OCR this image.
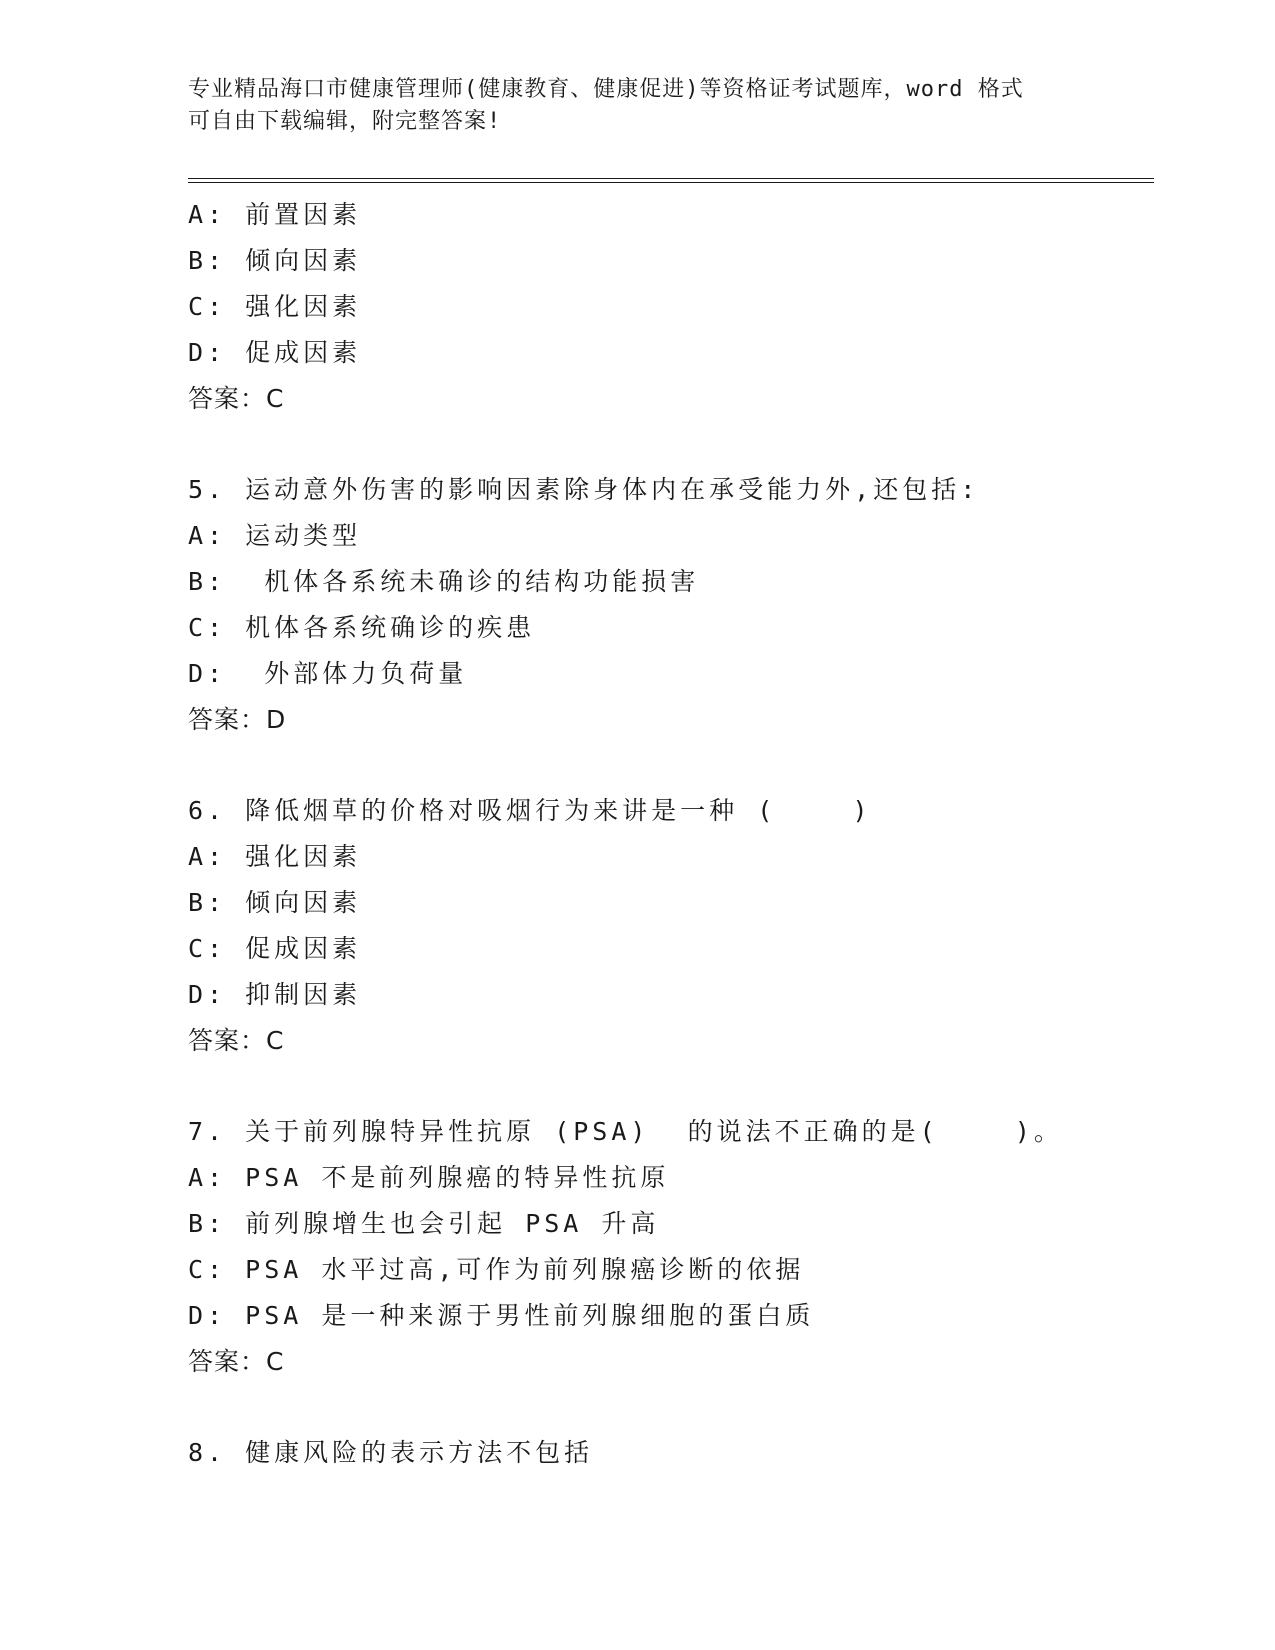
专业精品海口市健康管理师(健康教育、健康促进)等资格证考试题库，word 格式
可自由下载编辑，附完整答案!
A: 前置因素
B: 倾向因素
C: 强化因素
D: 促成因素
答案：C
5. 运动意外伤害的影响因素除身体内在承受能力外,还包括:
A: 运动类型
B:  机体各系统未确诊的结构功能损害
C: 机体各系统确诊的疾患
D:  外部体力负荷量
答案：D
6. 降低烟草的价格对吸烟行为来讲是一种 (    )
A: 强化因素
B: 倾向因素
C: 促成因素
D: 抑制因素
答案：C
7. 关于前列腺特异性抗原 (PSA)  的说法不正确的是(    )。
A: PSA 不是前列腺癌的特异性抗原
B: 前列腺增生也会引起 PSA 升高
C: PSA 水平过高,可作为前列腺癌诊断的依据
D: PSA 是一种来源于男性前列腺细胞的蛋白质
答案：C
8. 健康风险的表示方法不包括
